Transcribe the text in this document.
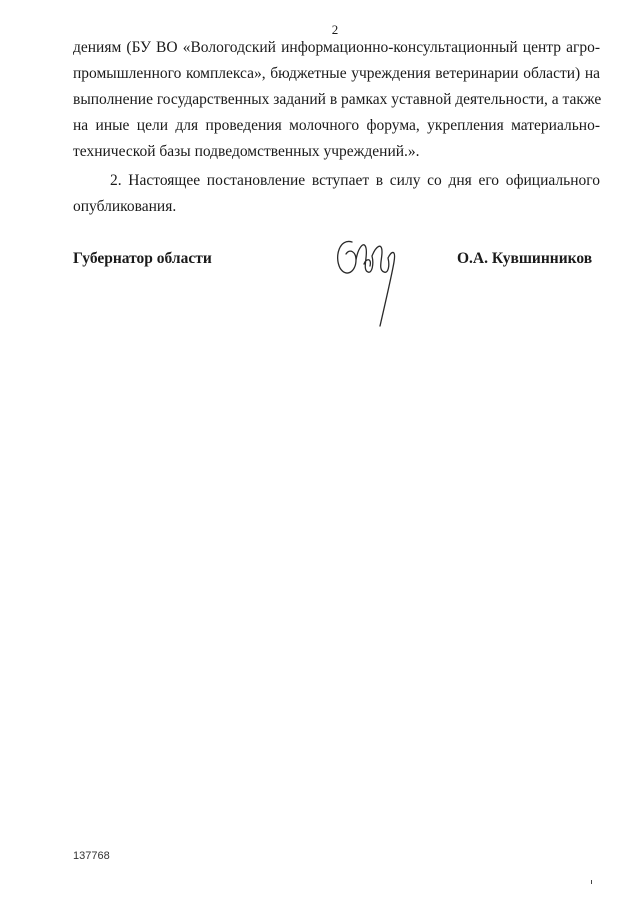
2
дениям (БУ ВО «Вологодский информационно-консультационный центр агро-
промышленного комплекса», бюджетные учреждения ветеринарии области) на
выполнение государственных заданий в рамках уставной деятельности, а также
на иные цели для проведения молочного форума, укрепления материально-
технической базы подведомственных учреждений.».
2. Настоящее постановление вступает в силу со дня его официального
опубликования.
Губернатор области	О.А. Кувшинников
137768
